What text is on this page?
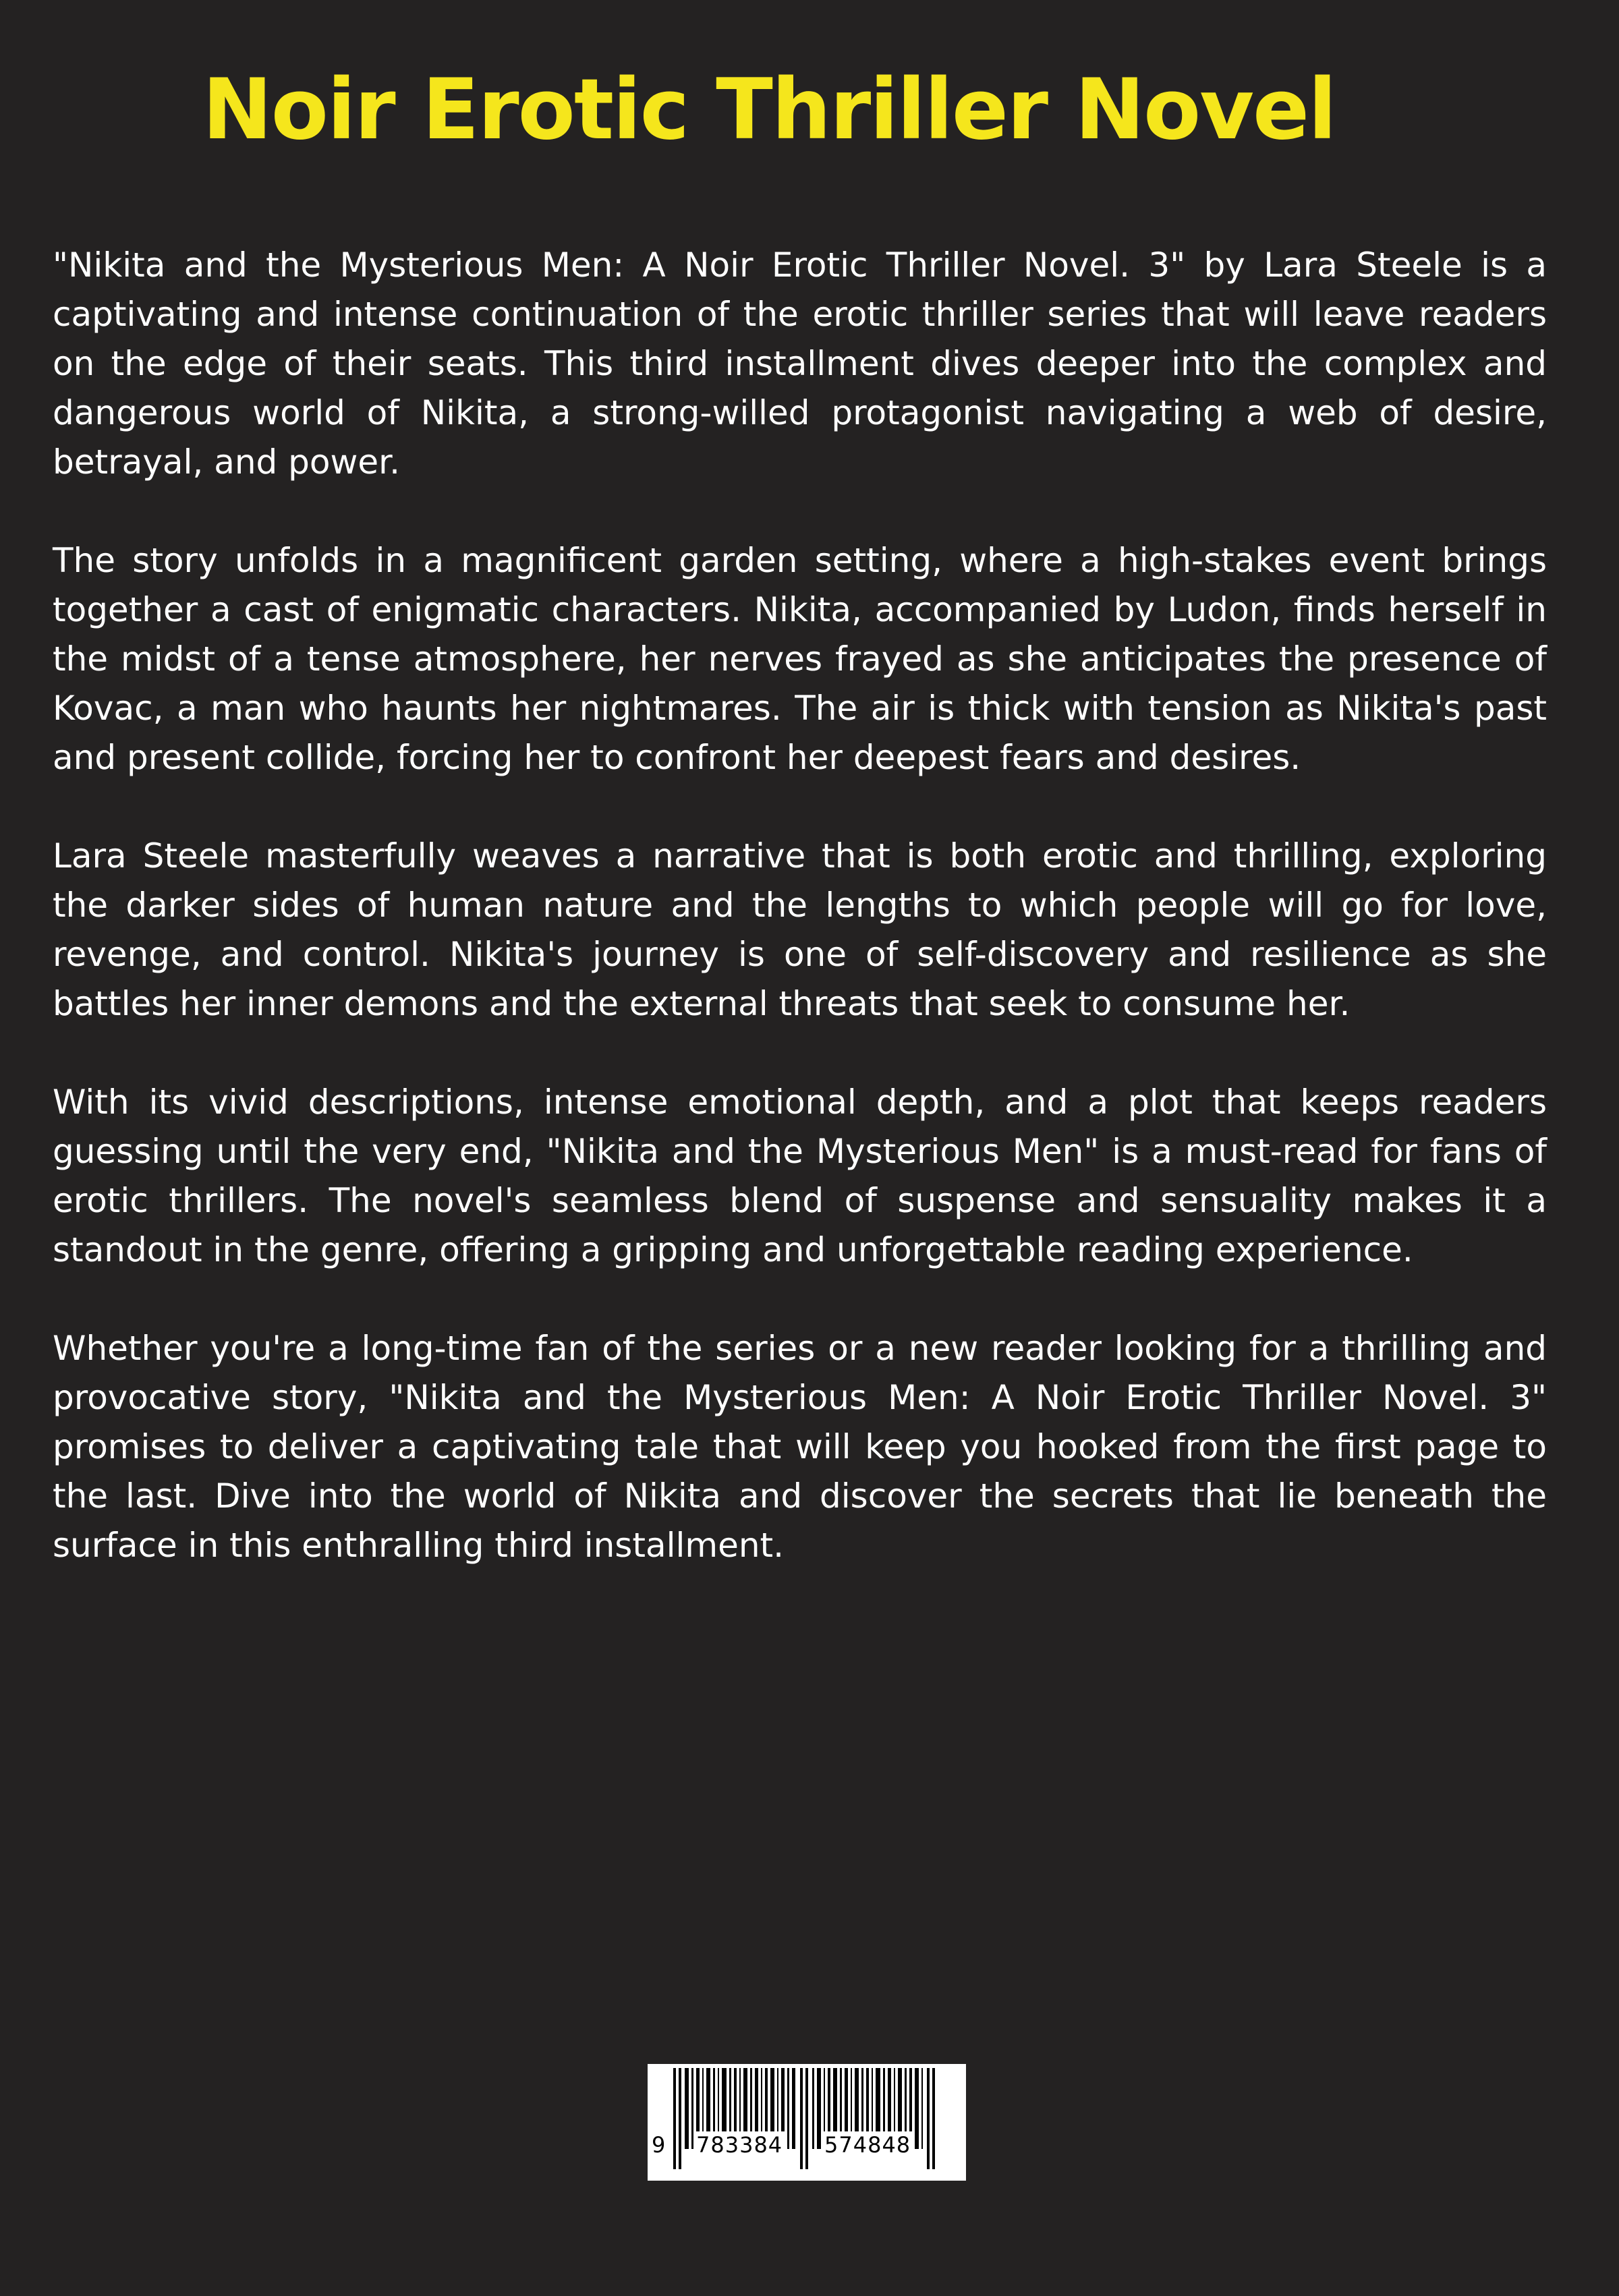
Noir Erotic Thriller Novel

"Nikita and the Mysterious Men: A Noir Erotic Thriller Novel. 3" by Lara Steele is a captivating and intense continuation of the erotic thriller series that will leave readers on the edge of their seats. This third installment dives deeper into the complex and dangerous world of Nikita, a strong-willed protagonist navigating a web of desire, betrayal, and power.

The story unfolds in a magnificent garden setting, where a high-stakes event brings together a cast of enigmatic characters. Nikita, accompanied by Ludon, finds herself in the midst of a tense atmosphere, her nerves frayed as she anticipates the presence of Kovac, a man who haunts her nightmares. The air is thick with tension as Nikita's past and present collide, forcing her to confront her deepest fears and desires.

Lara Steele masterfully weaves a narrative that is both erotic and thrilling, exploring the darker sides of human nature and the lengths to which people will go for love, revenge, and control. Nikita's journey is one of self-discovery and resilience as she battles her inner demons and the external threats that seek to consume her.

With its vivid descriptions, intense emotional depth, and a plot that keeps readers guessing until the very end, "Nikita and the Mysterious Men" is a must-read for fans of erotic thrillers. The novel's seamless blend of suspense and sensuality makes it a standout in the genre, offering a gripping and unforgettable reading experience.

Whether you're a long-time fan of the series or a new reader looking for a thrilling and provocative story, "Nikita and the Mysterious Men: A Noir Erotic Thriller Novel. 3" promises to deliver a captivating tale that will keep you hooked from the first page to the last. Dive into the world of Nikita and discover the secrets that lie beneath the surface in this enthralling third installment.

9 783384 574848
